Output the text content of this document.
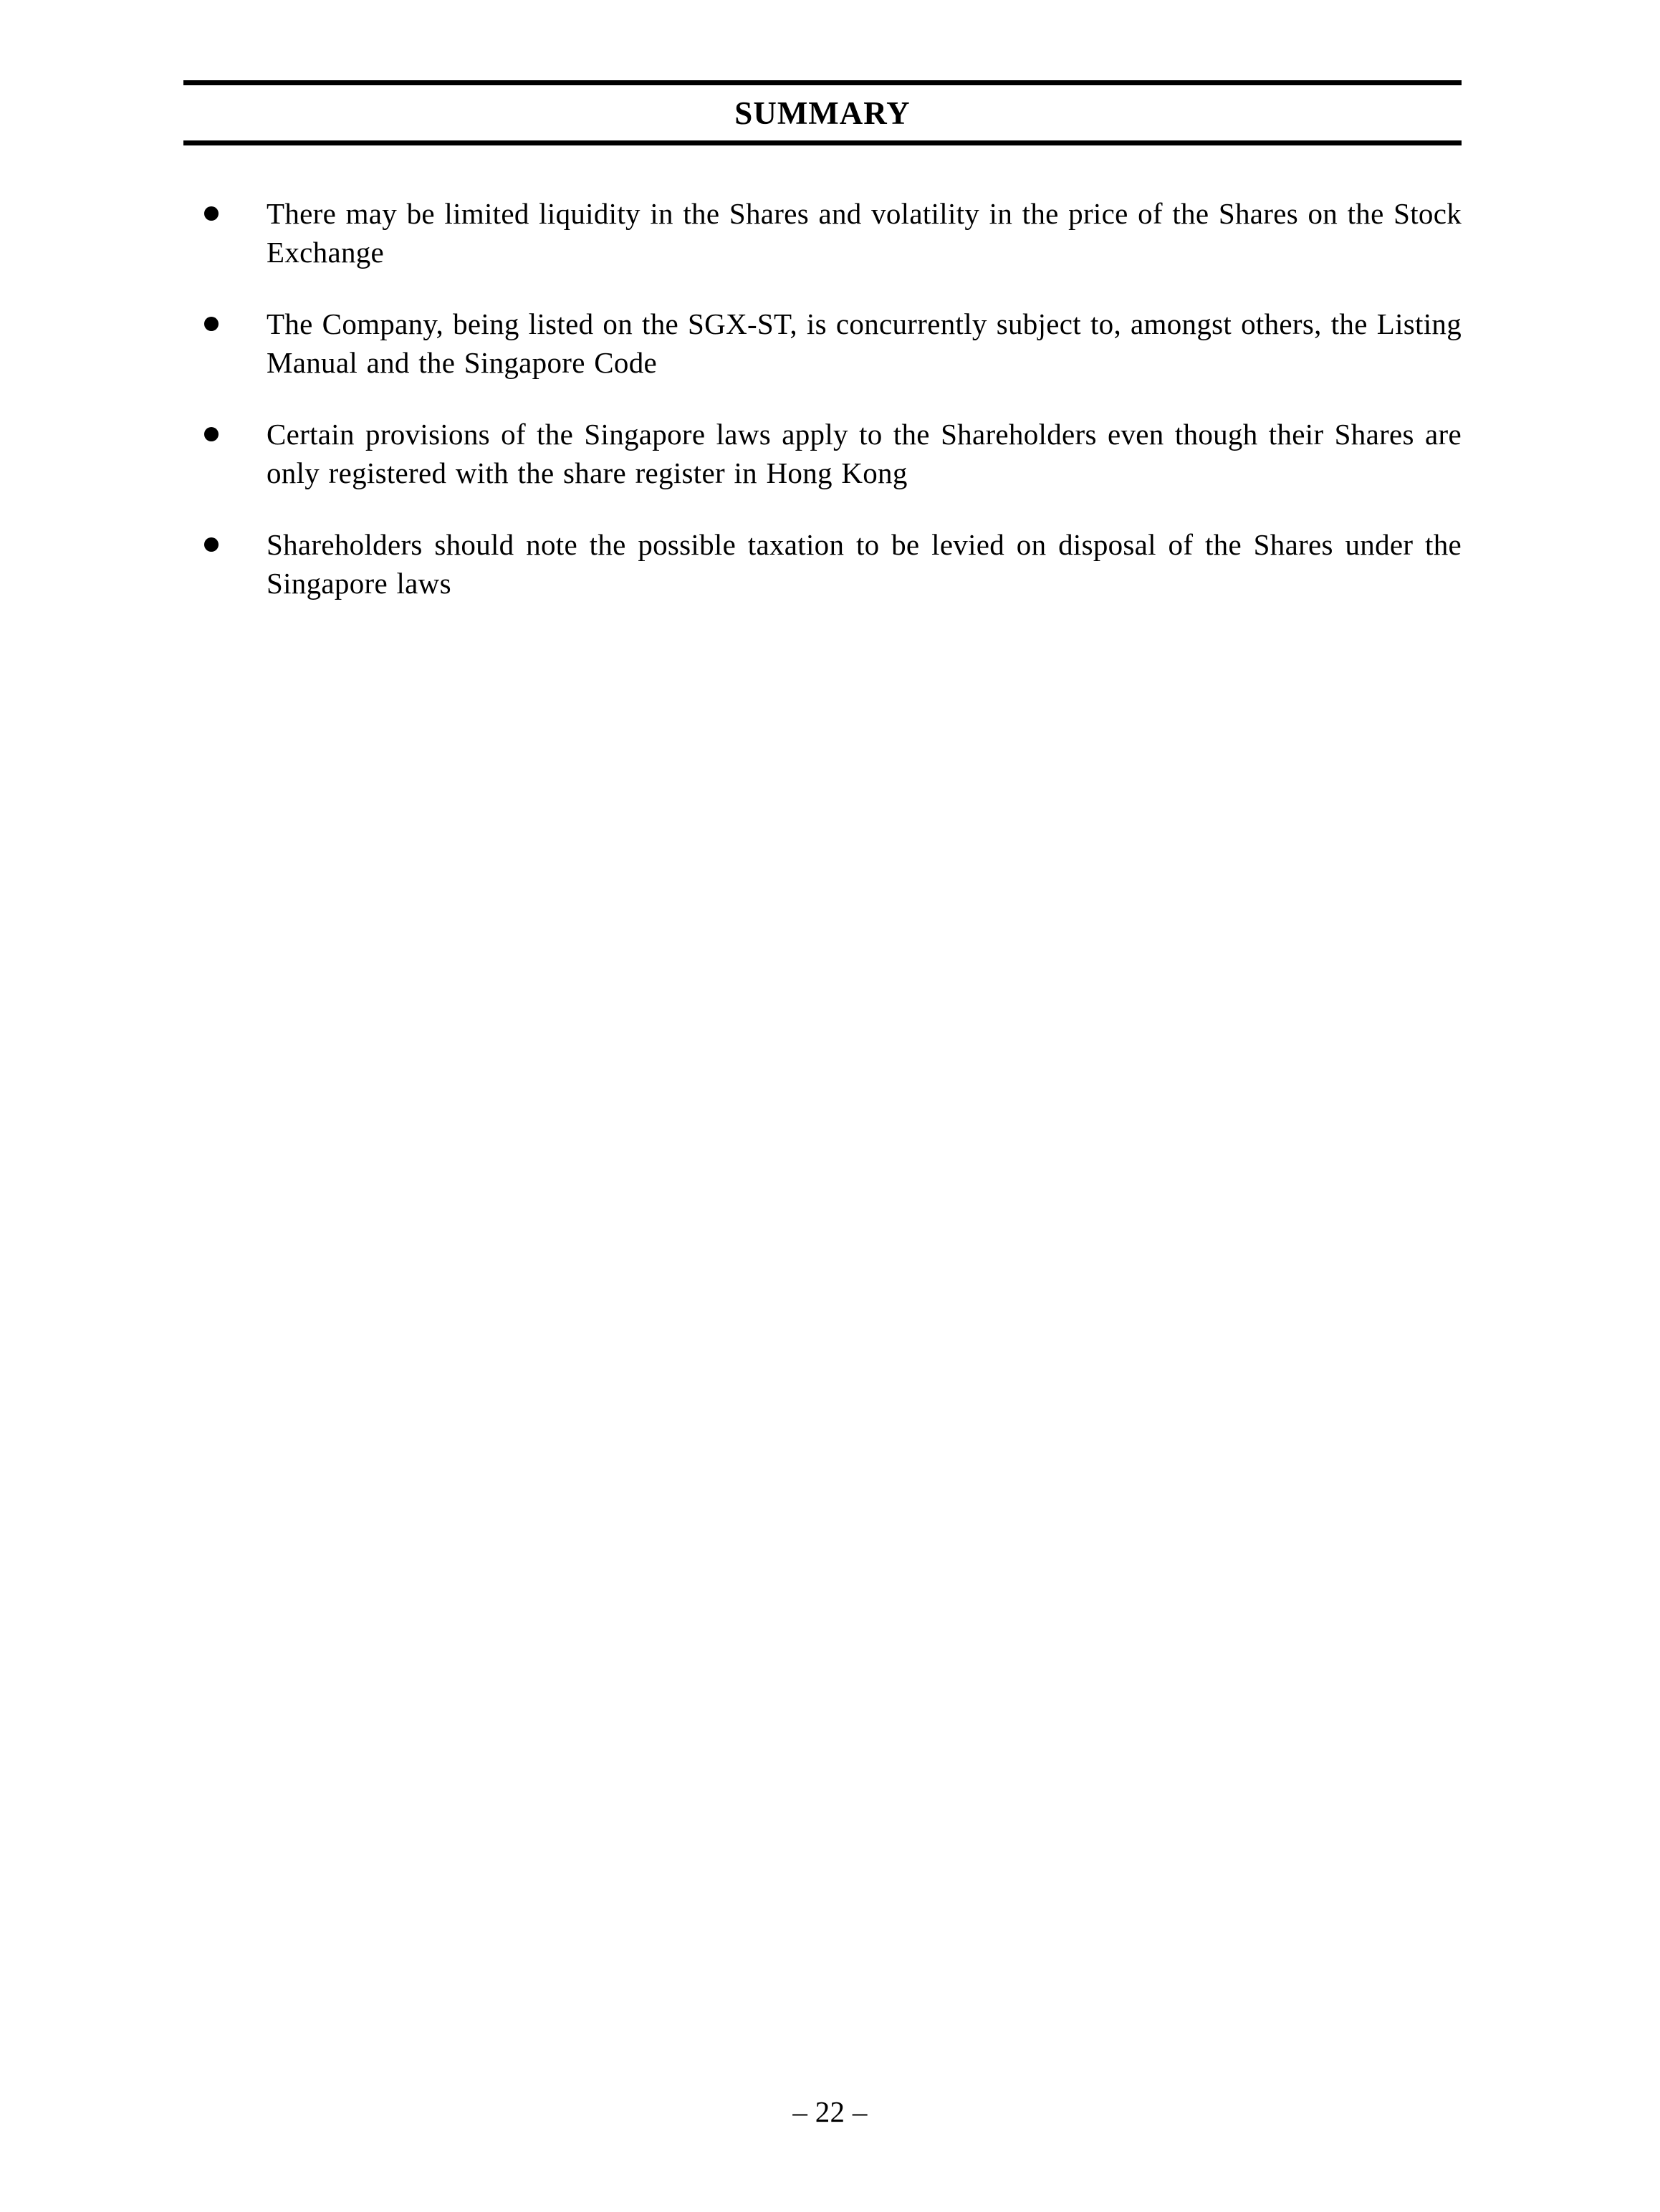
SUMMARY
There may be limited liquidity in the Shares and volatility in the price of the Shares on the Stock Exchange
The Company, being listed on the SGX-ST, is concurrently subject to, amongst others, the Listing Manual and the Singapore Code
Certain provisions of the Singapore laws apply to the Shareholders even though their Shares are only registered with the share register in Hong Kong
Shareholders should note the possible taxation to be levied on disposal of the Shares under the Singapore laws
– 22 –
